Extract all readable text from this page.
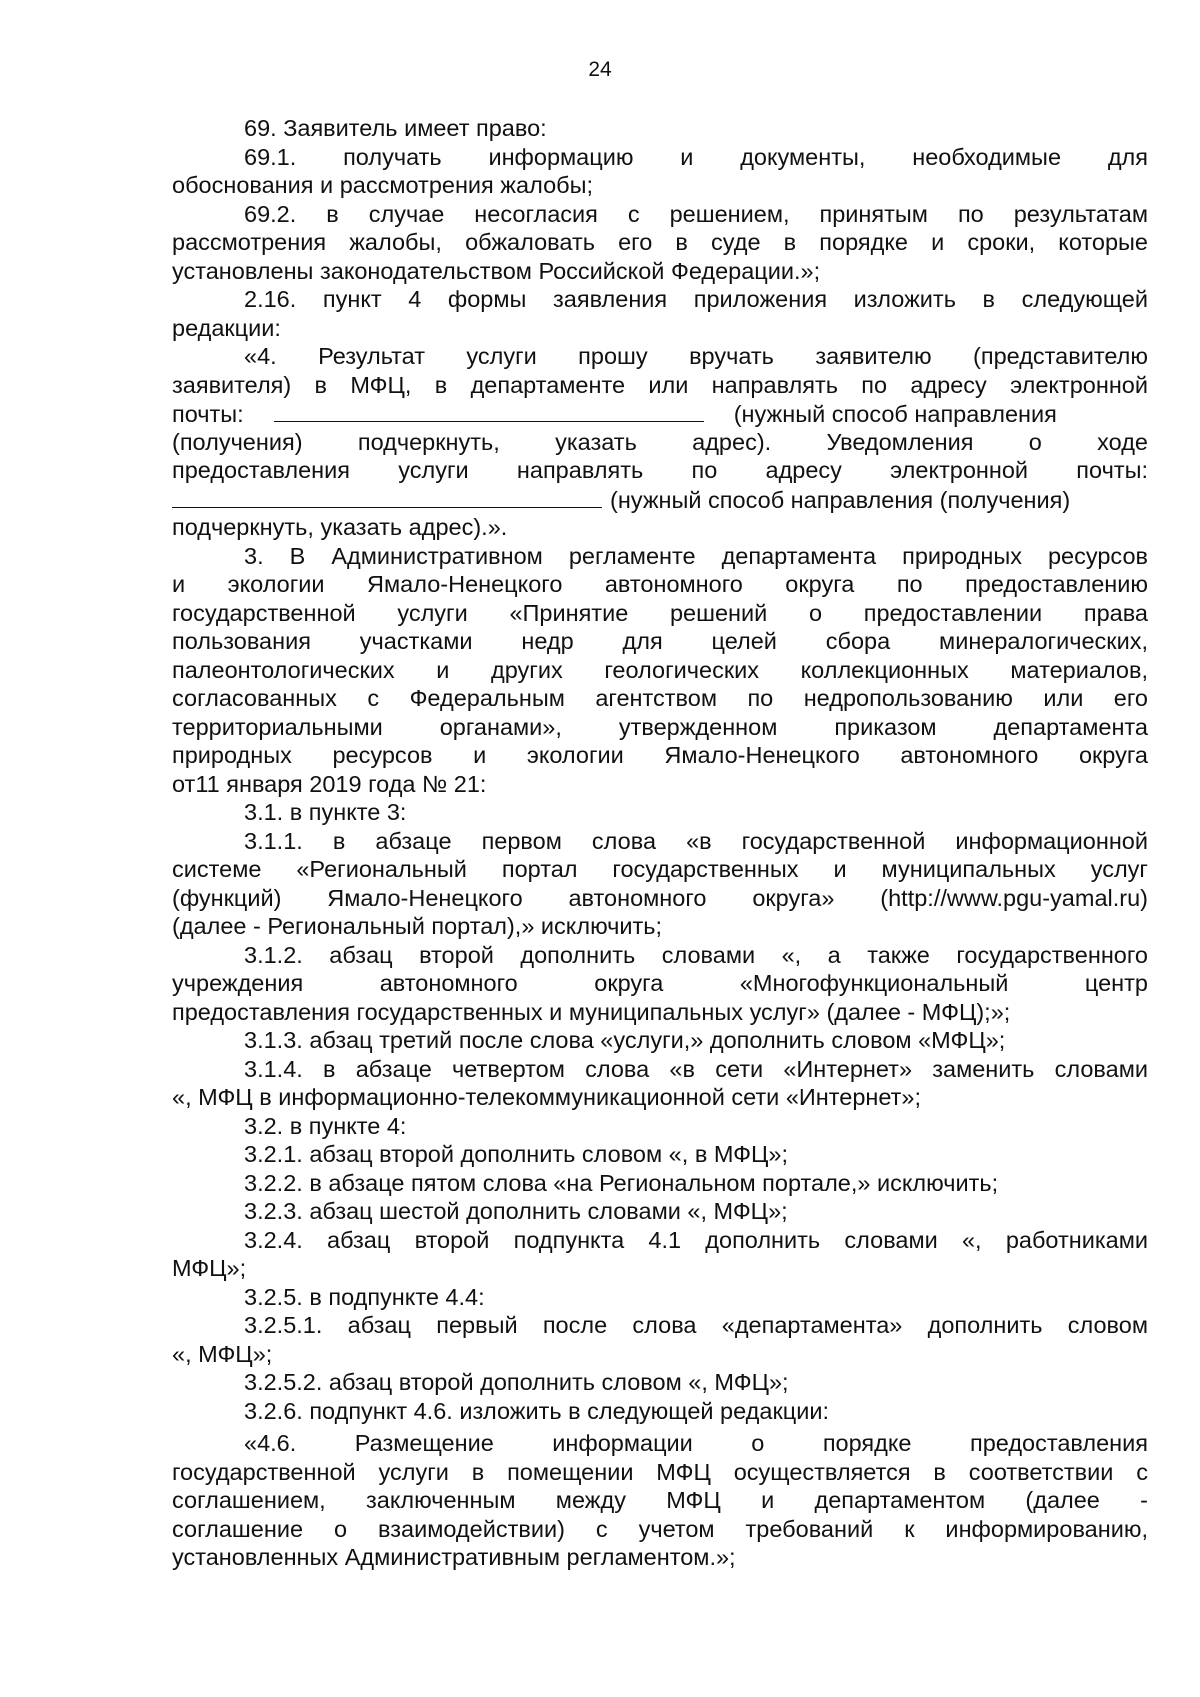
24
69. Заявитель имеет право:
69.1. получать информацию и документы, необходимые для
обоснования и рассмотрения жалобы;
69.2. в случае несогласия с решением, принятым по результатам
рассмотрения жалобы, обжаловать его в суде в порядке и сроки, которые
установлены законодательством Российской Федерации.»;
2.16. пункт 4 формы заявления приложения изложить в следующей
редакции:
«4. Результат услуги прошу вручать заявителю (представителю
заявителя) в МФЦ, в департаменте или направлять по адресу электронной
почты:	(нужный способ направления
(получения) подчеркнуть, указать адрес). Уведомления о ходе
предоставления услуги направлять по адресу электронной почты:
(нужный способ направления (получения)
подчеркнуть, указать адрес).».
3. В Административном регламенте департамента природных ресурсов
и экологии Ямало-Ненецкого автономного округа по предоставлению
государственной услуги «Принятие решений о предоставлении права
пользования участками недр для целей сбора минералогических,
палеонтологических и других геологических коллекционных материалов,
согласованных с Федеральным агентством по недропользованию или его
территориальными органами», утвержденном приказом департамента
природных ресурсов и экологии Ямало-Ненецкого автономного округа
от11 января 2019 года № 21:
3.1. в пункте 3:
3.1.1. в абзаце первом слова «в государственной информационной
системе «Региональный портал государственных и муниципальных услуг
(функций) Ямало-Ненецкого автономного округа» (http://www.pgu-yamal.ru)
(далее - Региональный портал),» исключить;
3.1.2. абзац второй дополнить словами «, а также государственного
учреждения автономного округа «Многофункциональный центр
предоставления государственных и муниципальных услуг» (далее - МФЦ);»;
3.1.3. абзац третий после слова «услуги,» дополнить словом «МФЦ»;
3.1.4. в абзаце четвертом слова «в сети «Интернет» заменить словами
«, МФЦ в информационно-телекоммуникационной сети «Интернет»;
3.2. в пункте 4:
3.2.1. абзац второй дополнить словом «, в МФЦ»;
3.2.2. в абзаце пятом слова «на Региональном портале,» исключить;
3.2.3. абзац шестой дополнить словами «, МФЦ»;
3.2.4. абзац второй подпункта 4.1 дополнить словами «, работниками
МФЦ»;
3.2.5. в подпункте 4.4:
3.2.5.1. абзац первый после слова «департамента» дополнить словом
«, МФЦ»;
3.2.5.2. абзац второй дополнить словом «, МФЦ»;
3.2.6. подпункт 4.6. изложить в следующей редакции:
«4.6. Размещение информации о порядке предоставления
государственной услуги в помещении МФЦ осуществляется в соответствии с
соглашением, заключенным между МФЦ и департаментом (далее -
соглашение о взаимодействии) с учетом требований к информированию,
установленных Административным регламентом.»;
